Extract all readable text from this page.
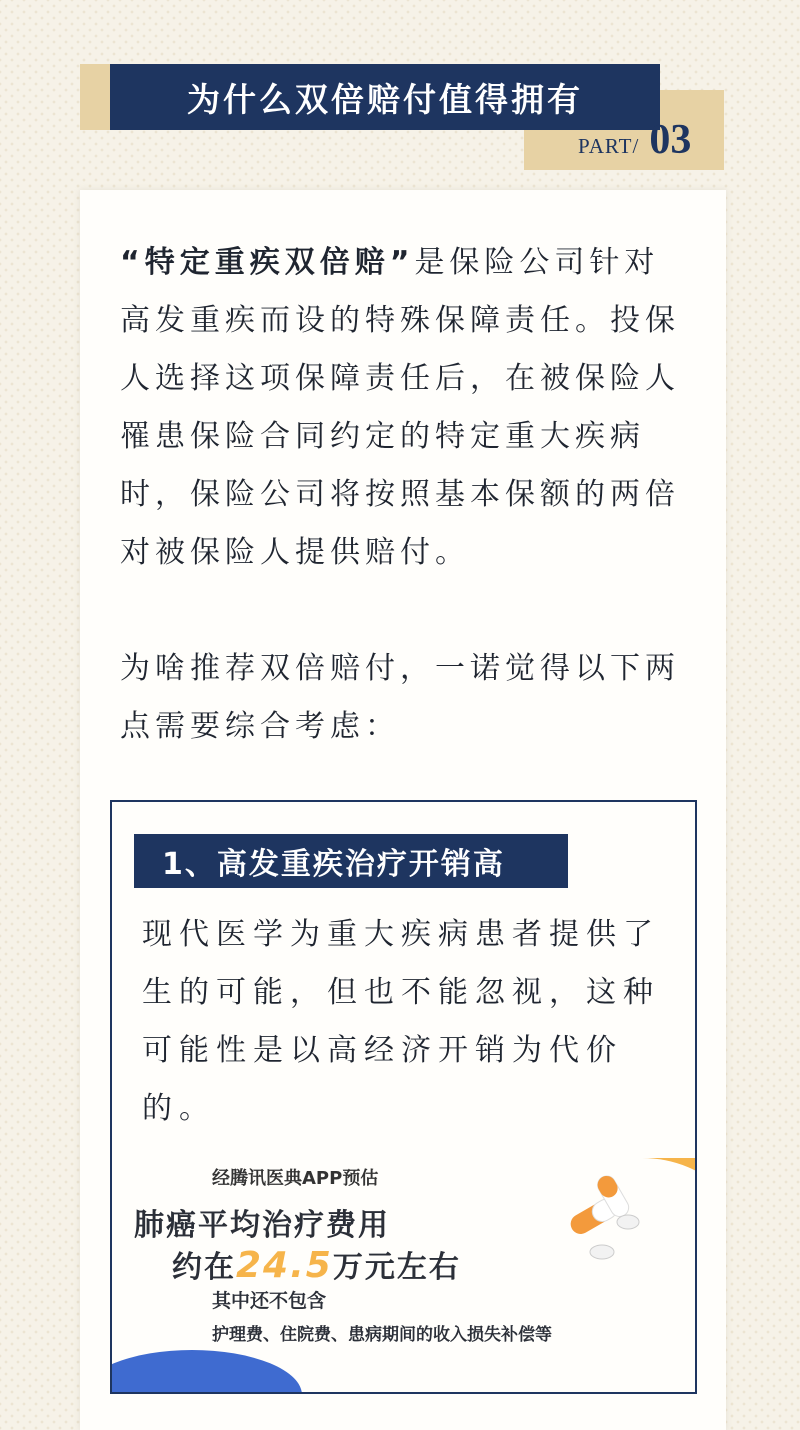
为什么双倍赔付值得拥有
PART/ 03
“特定重疾双倍赔”是保险公司针对高发重疾而设的特殊保障责任。投保人选择这项保障责任后，在被保险人罹患保险合同约定的特定重大疾病时，保险公司将按照基本保额的两倍对被保险人提供赔付。
为啥推荐双倍赔付，一诺觉得以下两点需要综合考虑：
1、高发重疾治疗开销高
现代医学为重大疾病患者提供了生的可能，但也不能忽视，这种可能性是以高经济开销为代价的。
经腾讯医典APP预估
肺癌平均治疗费用
约在24.5万元左右
其中还不包含
护理费、住院费、患病期间的收入损失补偿等
